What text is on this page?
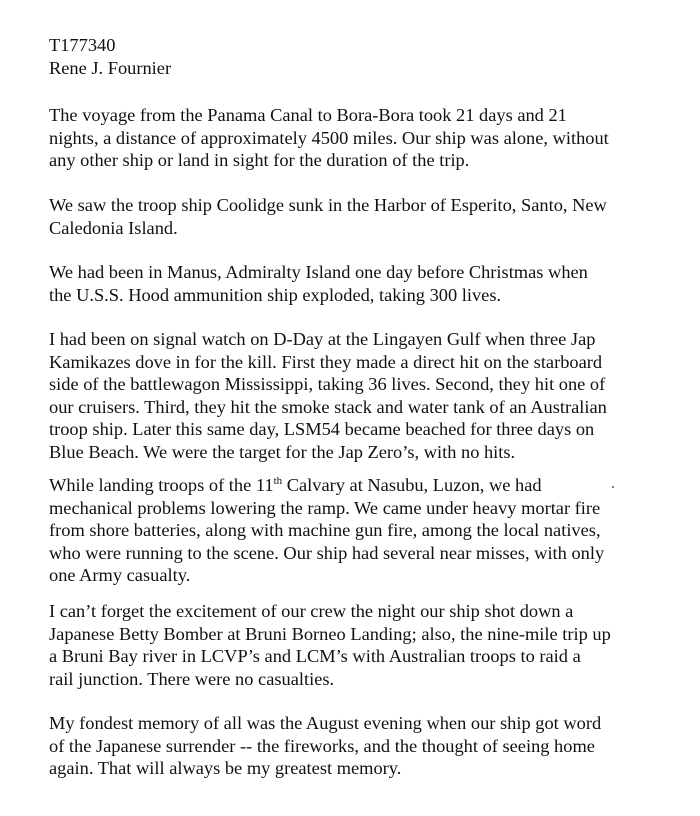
T177340

Rene J. Fournier

The voyage from the Panama Canal to Bora-Bora took 21 days and 21
nights, a distance of approximately 4500 miles. Our ship was alone, without
any other ship or land in sight for the duration of the trip.
We saw the troop ship Coolidge sunk in the Harbor of Esperito, Santo, New
Caledonia Island.
We had been in Manus, Admiralty Island one day before Christmas when
the U.S.S. Hood ammunition ship exploded, taking 300 lives.
I had been on signal watch on D-Day at the Lingayen Gulf when three Jap
Kamikazes dove in for the kill. First they made a direct hit on the starboard
side of the battlewagon Mississippi, taking 36 lives. Second, they hit one of
our cruisers. Third, they hit the smoke stack and water tank of an Australian
troop ship. Later this same day, LSM54 became beached for three days on
Blue Beach. We were the target for the Jap Zero’s, with no hits.
While landing troops of the 11th Calvary at Nasubu, Luzon, we had
mechanical problems lowering the ramp. We came under heavy mortar fire
from shore batteries, along with machine gun fire, among the local natives,
who were running to the scene. Our ship had several near misses, with only
one Army casualty.
I can’t forget the excitement of our crew the night our ship shot down a
Japanese Betty Bomber at Bruni Borneo Landing; also, the nine-mile trip up
a Bruni Bay river in LCVP’s and LCM’s with Australian troops to raid a
rail junction. There were no casualties.
My fondest memory of all was the August evening when our ship got word
of the Japanese surrender -- the fireworks, and the thought of seeing home
again. That will always be my greatest memory.
